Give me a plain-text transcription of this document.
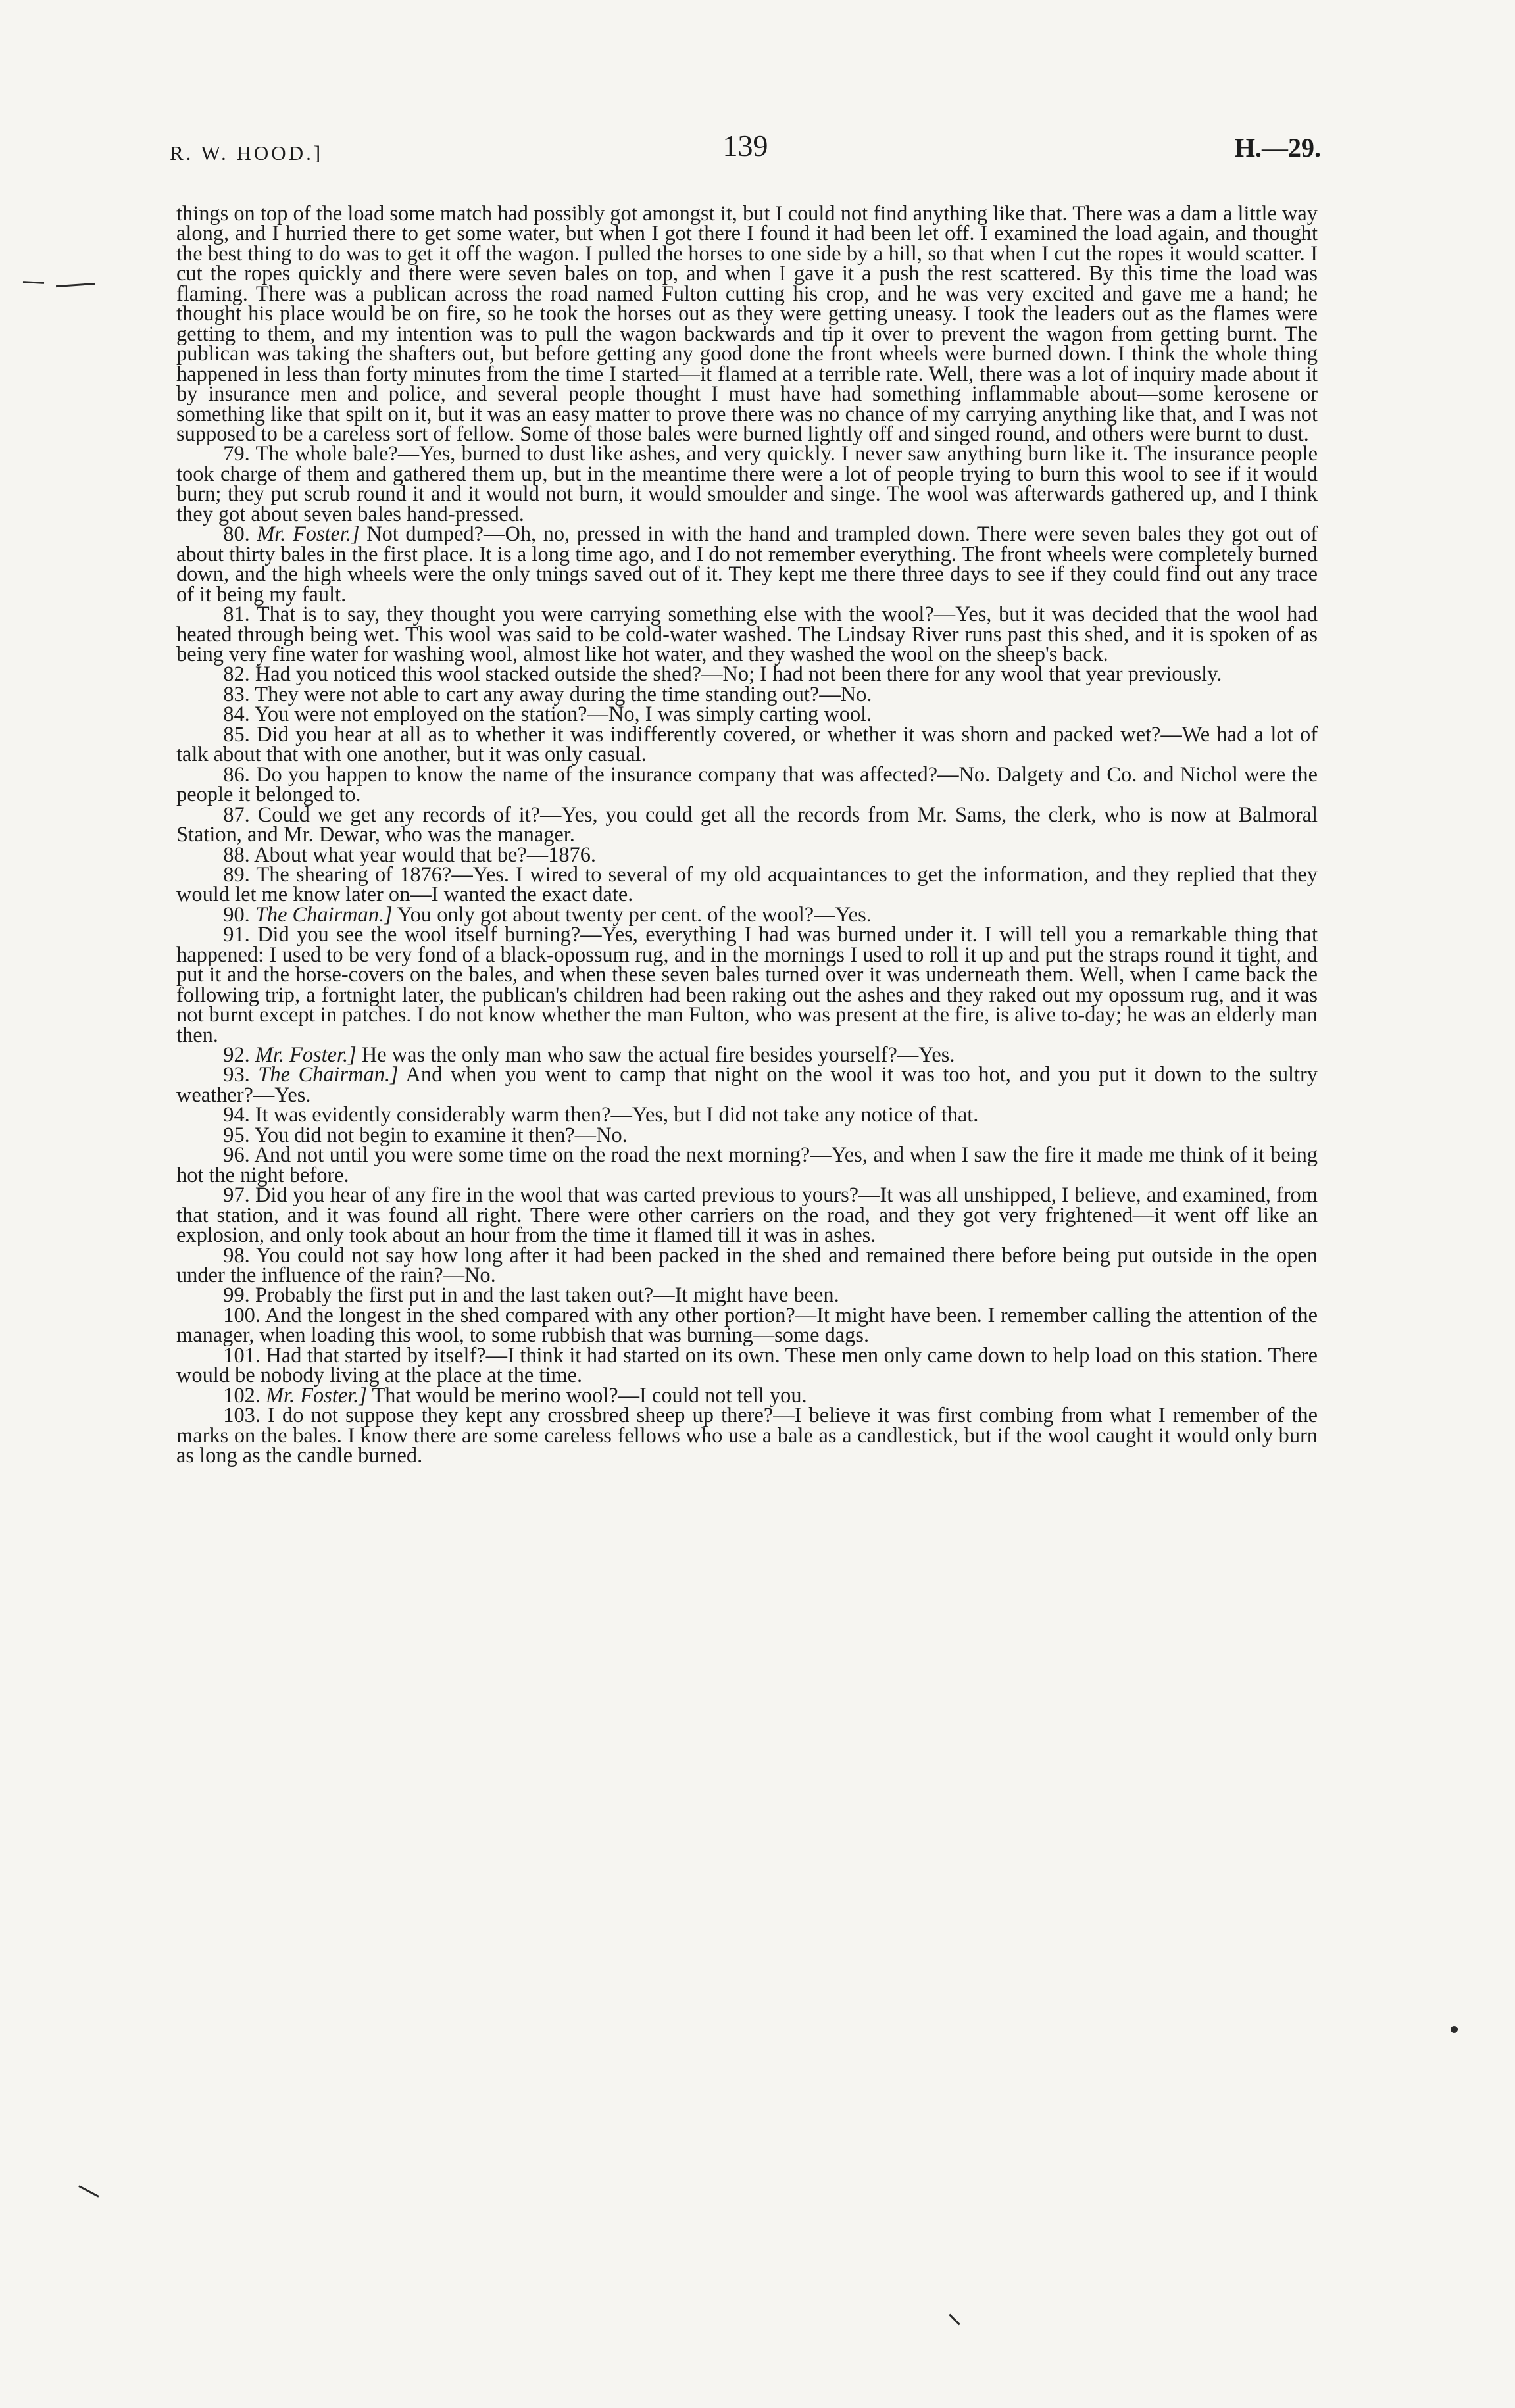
R. W. HOOD.]	139	H.—29.

things on top of the load some match had possibly got amongst it, but I could not find anything like that. There was a dam a little way along, and I hurried there to get some water, but when I got there I found it had been let off. I examined the load again, and thought the best thing to do was to get it off the wagon. I pulled the horses to one side by a hill, so that when I cut the ropes it would scatter. I cut the ropes quickly and there were seven bales on top, and when I gave it a push the rest scattered. By this time the load was flaming. There was a publican across the road named Fulton cutting his crop, and he was very excited and gave me a hand; he thought his place would be on fire, so he took the horses out as they were getting uneasy. I took the leaders out as the flames were getting to them, and my intention was to pull the wagon backwards and tip it over to prevent the wagon from getting burnt. The publican was taking the shafters out, but before getting any good done the front wheels were burned down. I think the whole thing happened in less than forty minutes from the time I started—it flamed at a terrible rate. Well, there was a lot of inquiry made about it by insurance men and police, and several people thought I must have had something inflammable about—some kerosene or something like that spilt on it, but it was an easy matter to prove there was no chance of my carrying anything like that, and I was not supposed to be a careless sort of fellow. Some of those bales were burned lightly off and singed round, and others were burnt to dust.

79. The whole bale?—Yes, burned to dust like ashes, and very quickly. I never saw anything burn like it. The insurance people took charge of them and gathered them up, but in the meantime there were a lot of people trying to burn this wool to see if it would burn; they put scrub round it and it would not burn, it would smoulder and singe. The wool was afterwards gathered up, and I think they got about seven bales hand-pressed.

80. Mr. Foster.] Not dumped?—Oh, no, pressed in with the hand and trampled down. There were seven bales they got out of about thirty bales in the first place. It is a long time ago, and I do not remember everything. The front wheels were completely burned down, and the high wheels were the only tnings saved out of it. They kept me there three days to see if they could find out any trace of it being my fault.

81. That is to say, they thought you were carrying something else with the wool?—Yes, but it was decided that the wool had heated through being wet. This wool was said to be cold-water washed. The Lindsay River runs past this shed, and it is spoken of as being very fine water for washing wool, almost like hot water, and they washed the wool on the sheep's back.

82. Had you noticed this wool stacked outside the shed?—No; I had not been there for any wool that year previously.

83. They were not able to cart any away during the time standing out?—No.

84. You were not employed on the station?—No, I was simply carting wool.

85. Did you hear at all as to whether it was indifferently covered, or whether it was shorn and packed wet?—We had a lot of talk about that with one another, but it was only casual.

86. Do you happen to know the name of the insurance company that was affected?—No. Dalgety and Co. and Nichol were the people it belonged to.

87. Could we get any records of it?—Yes, you could get all the records from Mr. Sams, the clerk, who is now at Balmoral Station, and Mr. Dewar, who was the manager.

88. About what year would that be?—1876.

89. The shearing of 1876?—Yes. I wired to several of my old acquaintances to get the information, and they replied that they would let me know later on—I wanted the exact date.

90. The Chairman.] You only got about twenty per cent. of the wool?—Yes.

91. Did you see the wool itself burning?—Yes, everything I had was burned under it. I will tell you a remarkable thing that happened: I used to be very fond of a black-opossum rug, and in the mornings I used to roll it up and put the straps round it tight, and put it and the horse-covers on the bales, and when these seven bales turned over it was underneath them. Well, when I came back the following trip, a fortnight later, the publican's children had been raking out the ashes and they raked out my opossum rug, and it was not burnt except in patches. I do not know whether the man Fulton, who was present at the fire, is alive to-day; he was an elderly man then.

92. Mr. Foster.] He was the only man who saw the actual fire besides yourself?—Yes.

93. The Chairman.] And when you went to camp that night on the wool it was too hot, and you put it down to the sultry weather?—Yes.

94. It was evidently considerably warm then?—Yes, but I did not take any notice of that.

95. You did not begin to examine it then?—No.

96. And not until you were some time on the road the next morning?—Yes, and when I saw the fire it made me think of it being hot the night before.

97. Did you hear of any fire in the wool that was carted previous to yours?—It was all unshipped, I believe, and examined, from that station, and it was found all right. There were other carriers on the road, and they got very frightened—it went off like an explosion, and only took about an hour from the time it flamed till it was in ashes.

98. You could not say how long after it had been packed in the shed and remained there before being put outside in the open under the influence of the rain?—No.

99. Probably the first put in and the last taken out?—It might have been.

100. And the longest in the shed compared with any other portion?—It might have been. I remember calling the attention of the manager, when loading this wool, to some rubbish that was burning—some dags.

101. Had that started by itself?—I think it had started on its own. These men only came down to help load on this station. There would be nobody living at the place at the time.

102. Mr. Foster.] That would be merino wool?—I could not tell you.

103. I do not suppose they kept any crossbred sheep up there?—I believe it was first combing from what I remember of the marks on the bales. I know there are some careless fellows who use a bale as a candlestick, but if the wool caught it would only burn as long as the candle burned.
